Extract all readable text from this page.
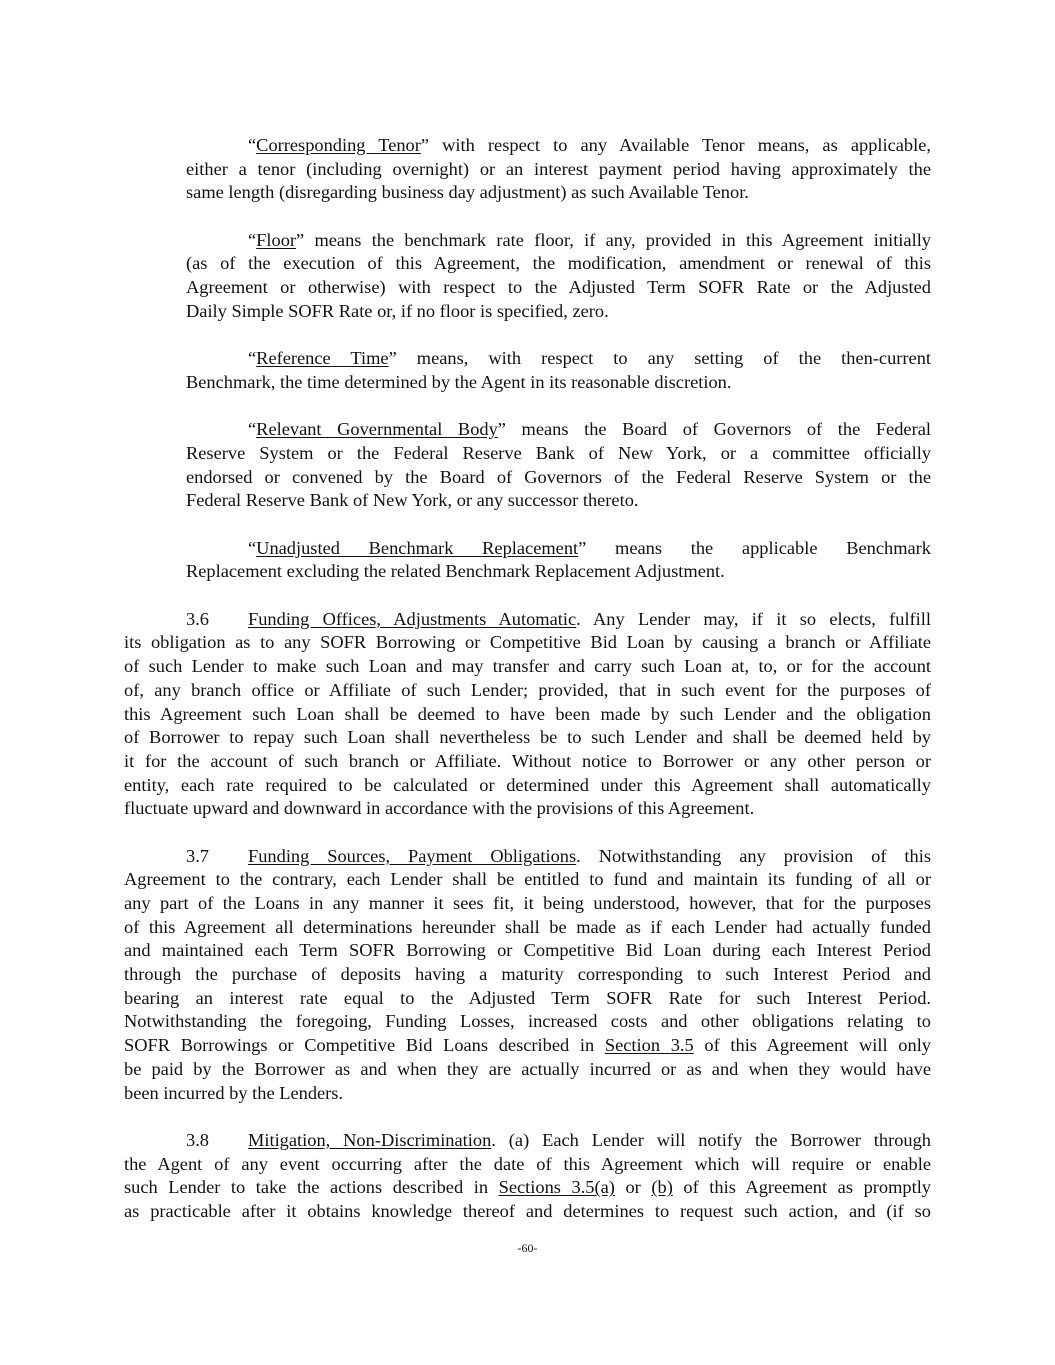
“Corresponding Tenor” with respect to any Available Tenor means, as applicable,
either a tenor (including overnight) or an interest payment period having approximately the
same length (disregarding business day adjustment) as such Available Tenor.
“Floor” means the benchmark rate floor, if any, provided in this Agreement initially
(as of the execution of this Agreement, the modification, amendment or renewal of this
Agreement or otherwise) with respect to the Adjusted Term SOFR Rate or the Adjusted
Daily Simple SOFR Rate or, if no floor is specified, zero.
“Reference Time” means, with respect to any setting of the then-current
Benchmark, the time determined by the Agent in its reasonable discretion.
“Relevant Governmental Body” means the Board of Governors of the Federal
Reserve System or the Federal Reserve Bank of New York, or a committee officially
endorsed or convened by the Board of Governors of the Federal Reserve System or the
Federal Reserve Bank of New York, or any successor thereto.
“Unadjusted Benchmark Replacement” means the applicable Benchmark
Replacement excluding the related Benchmark Replacement Adjustment.
3.6 Funding Offices, Adjustments Automatic. Any Lender may, if it so elects, fulfill
its obligation as to any SOFR Borrowing or Competitive Bid Loan by causing a branch or Affiliate
of such Lender to make such Loan and may transfer and carry such Loan at, to, or for the account
of, any branch office or Affiliate of such Lender; provided, that in such event for the purposes of
this Agreement such Loan shall be deemed to have been made by such Lender and the obligation
of Borrower to repay such Loan shall nevertheless be to such Lender and shall be deemed held by
it for the account of such branch or Affiliate. Without notice to Borrower or any other person or
entity, each rate required to be calculated or determined under this Agreement shall automatically
fluctuate upward and downward in accordance with the provisions of this Agreement.
3.7 Funding Sources, Payment Obligations. Notwithstanding any provision of this
Agreement to the contrary, each Lender shall be entitled to fund and maintain its funding of all or
any part of the Loans in any manner it sees fit, it being understood, however, that for the purposes
of this Agreement all determinations hereunder shall be made as if each Lender had actually funded
and maintained each Term SOFR Borrowing or Competitive Bid Loan during each Interest Period
through the purchase of deposits having a maturity corresponding to such Interest Period and
bearing an interest rate equal to the Adjusted Term SOFR Rate for such Interest Period.
Notwithstanding the foregoing, Funding Losses, increased costs and other obligations relating to
SOFR Borrowings or Competitive Bid Loans described in Section 3.5 of this Agreement will only
be paid by the Borrower as and when they are actually incurred or as and when they would have
been incurred by the Lenders.
3.8 Mitigation, Non-Discrimination. (a) Each Lender will notify the Borrower through
the Agent of any event occurring after the date of this Agreement which will require or enable
such Lender to take the actions described in Sections 3.5(a) or (b) of this Agreement as promptly
as practicable after it obtains knowledge thereof and determines to request such action, and (if so
-60-
